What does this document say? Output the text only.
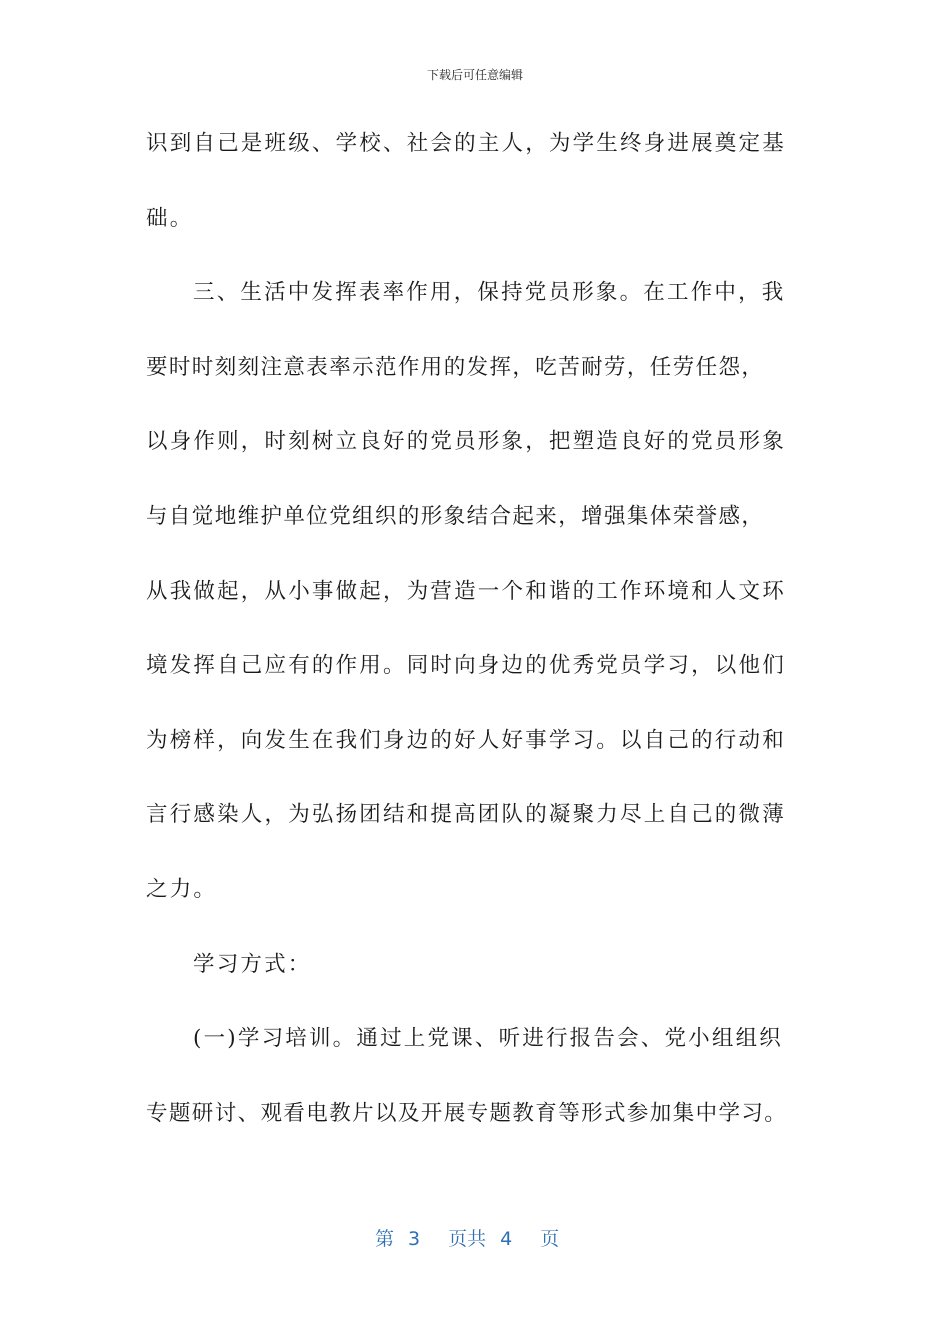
下载后可任意编辑
识到自己是班级、学校、社会的主人，为学生终身进展奠定基
础。
三、生活中发挥表率作用，保持党员形象。在工作中，我
要时时刻刻注意表率示范作用的发挥，吃苦耐劳，任劳任怨，
以身作则，时刻树立良好的党员形象，把塑造良好的党员形象
与自觉地维护单位党组织的形象结合起来，增强集体荣誉感，
从我做起，从小事做起，为营造一个和谐的工作环境和人文环
境发挥自己应有的作用。同时向身边的优秀党员学习，以他们
为榜样，向发生在我们身边的好人好事学习。以自己的行动和
言行感染人，为弘扬团结和提高团队的凝聚力尽上自己的微薄
之力。
学习方式：
(一)学习培训。通过上党课、听进行报告会、党小组组织
专题研讨、观看电教片以及开展专题教育等形式参加集中学习。
第 3 页共 4 页
